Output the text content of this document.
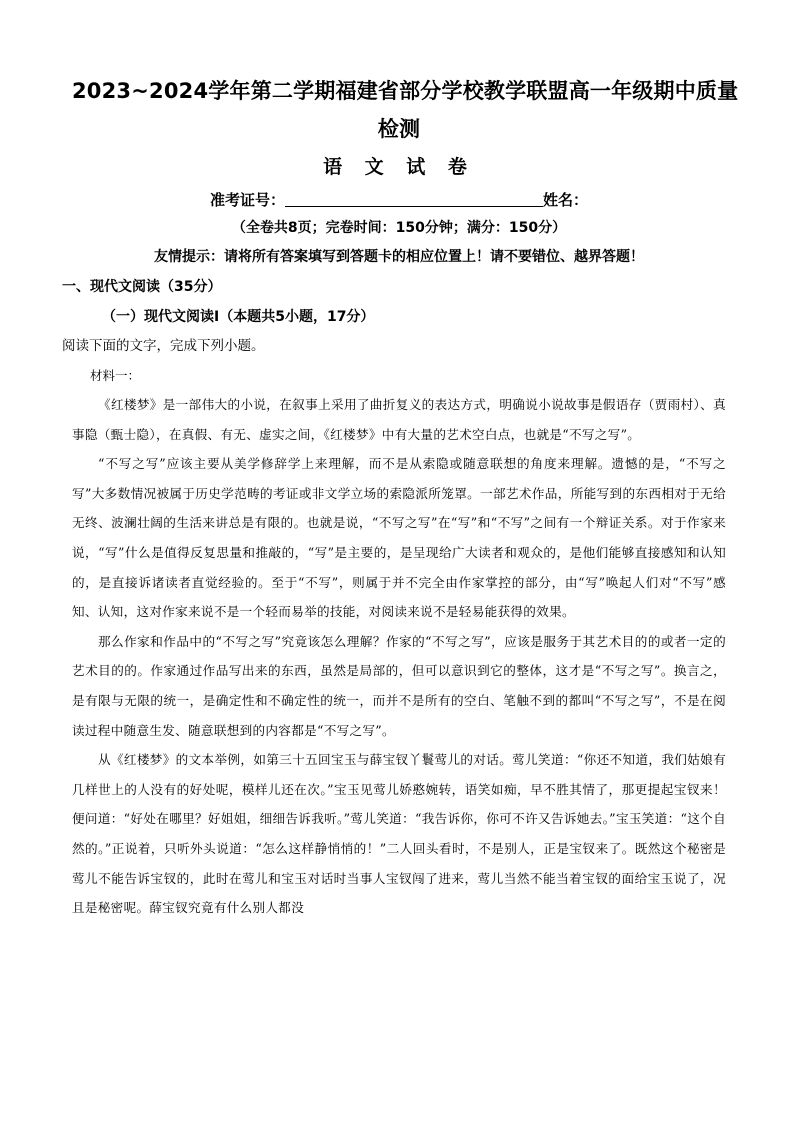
2023~2024学年第二学期福建省部分学校教学联盟高一年级期中质量
检测
语 文 试 卷
准考证号：	姓名：
（全卷共8页；完卷时间：150分钟；满分：150分）
友情提示：请将所有答案填写到答题卡的相应位置上！请不要错位、越界答题！
一、现代文阅读（35分）
（一）现代文阅读I（本题共5小题，17分）
阅读下面的文字，完成下列小题。
材料一：

《红楼梦》是一部伟大的小说，在叙事上采用了曲折复义的表达方式，明确说小说故事是假语存（贾雨村）、真事隐（甄士隐），在真假、有无、虚实之间，《红楼梦》中有大量的艺术空白点，也就是“不写之写”。

“不写之写”应该主要从美学修辞学上来理解，而不是从索隐或随意联想的角度来理解。遗憾的是，“不写之写”大多数情况被属于历史学范畴的考证或非文学立场的索隐派所笼罩。一部艺术作品，所能写到的东西相对于无给无终、波澜壮阔的生活来讲总是有限的。也就是说，“不写之写”在“写”和“不写”之间有一个辩证关系。对于作家来说，“写”什么是值得反复思量和推敲的，“写”是主要的，是呈现给广大读者和观众的，是他们能够直接感知和认知的，是直接诉诸读者直觉经验的。至于“不写”，则属于并不完全由作家掌控的部分，由“写”唤起人们对“不写”感知、认知，这对作家来说不是一个轻而易举的技能，对阅读来说不是轻易能获得的效果。

那么作家和作品中的“不写之写”究竟该怎么理解？作家的“不写之写”，应该是服务于其艺术目的的或者一定的艺术目的的。作家通过作品写出来的东西，虽然是局部的，但可以意识到它的整体，这才是“不写之写”。换言之，是有限与无限的统一，是确定性和不确定性的统一，而并不是所有的空白、笔触不到的都叫“不写之写”，不是在阅读过程中随意生发、随意联想到的内容都是“不写之写”。

从《红楼梦》的文本举例，如第三十五回宝玉与薛宝钗丫鬟莺儿的对话。莺儿笑道：“你还不知道，我们姑娘有几样世上的人没有的好处呢，模样儿还在次。”宝玉见莺儿娇憨婉转，语笑如痴，早不胜其情了，那更提起宝钗来！便问道：“好处在哪里？好姐姐，细细告诉我听。”莺儿笑道：“我告诉你，你可不许又告诉她去。”宝玉笑道：“这个自然的。”正说着，只听外头说道：“怎么这样静悄悄的！”二人回头看时，不是别人，正是宝钗来了。既然这个秘密是莺儿不能告诉宝钗的，此时在莺儿和宝玉对话时当事人宝钗闯了进来，莺儿当然不能当着宝钗的面给宝玉说了，况且是秘密呢。薛宝钗究竟有什么别人都没
